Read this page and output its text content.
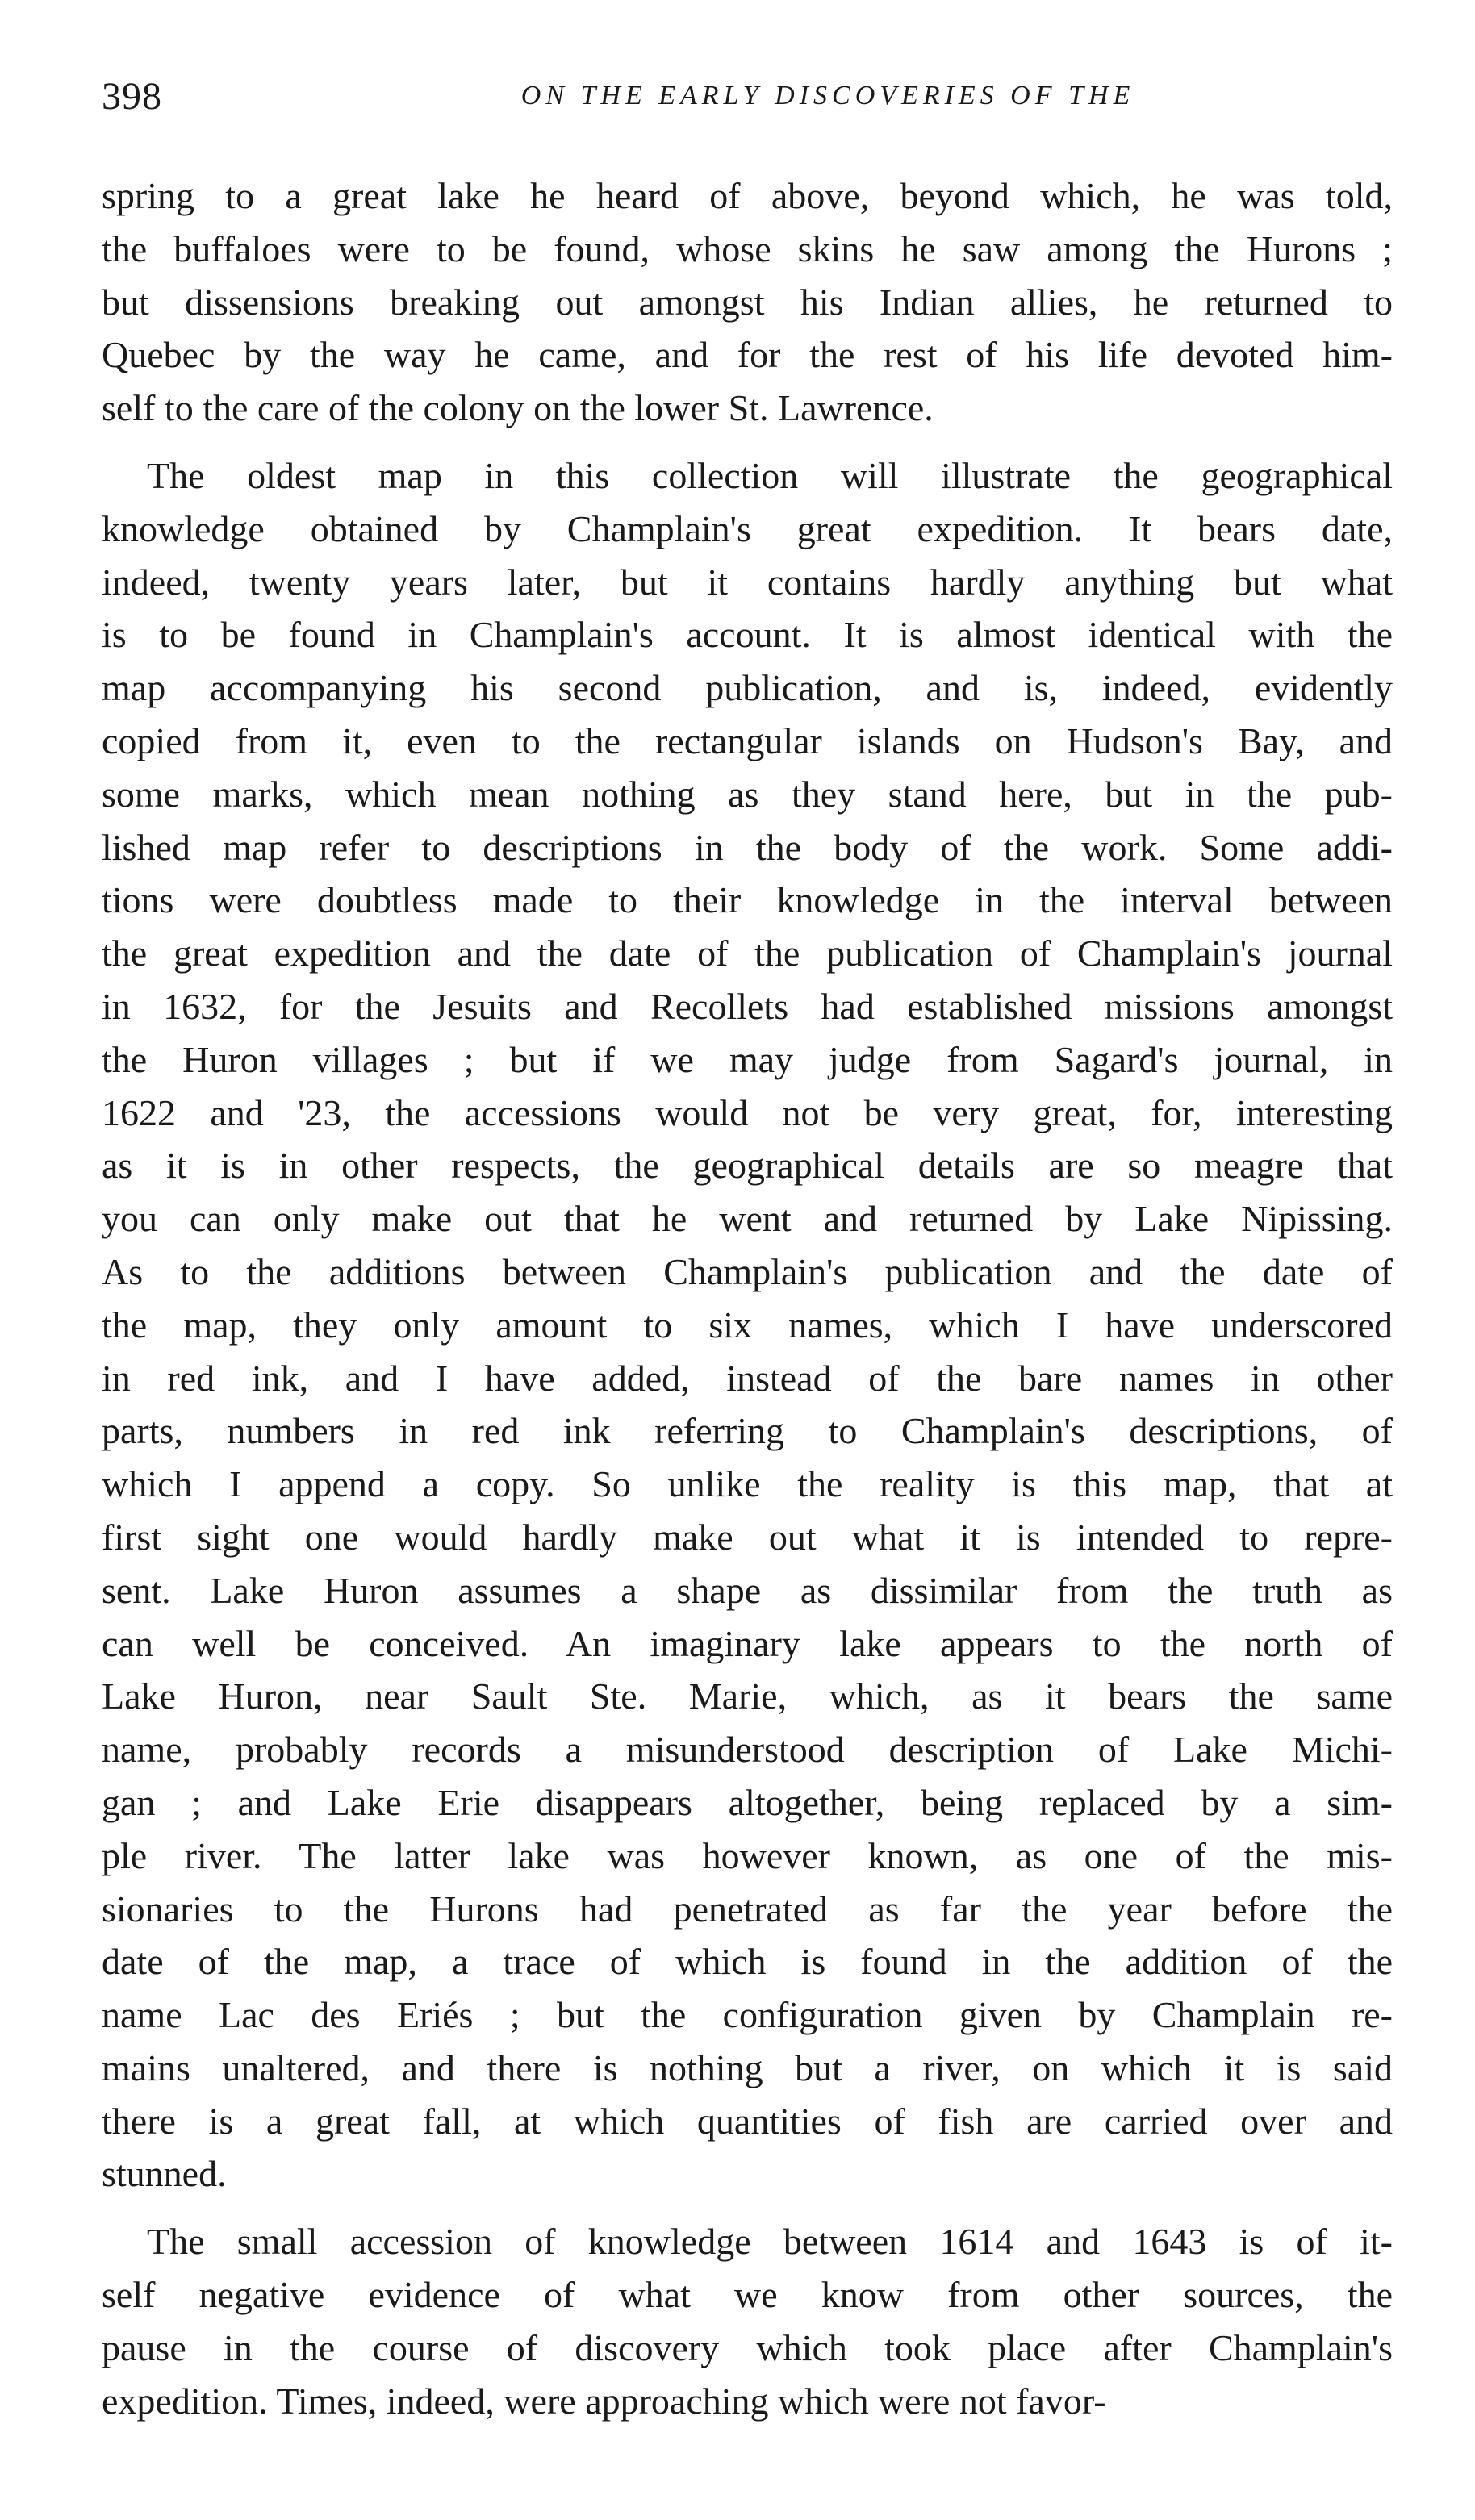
398	ON THE EARLY DISCOVERIES OF THE
spring to a great lake he heard of above, beyond which, he was told,
the buffaloes were to be found, whose skins he saw among the Hurons ;
but dissensions breaking out amongst his Indian allies, he returned to
Quebec by the way he came, and for the rest of his life devoted him-
self to the care of the colony on the lower St. Lawrence.
The oldest map in this collection will illustrate the geographical
knowledge obtained by Champlain's great expedition. It bears date,
indeed, twenty years later, but it contains hardly anything but what
is to be found in Champlain's account. It is almost identical with the
map accompanying his second publication, and is, indeed, evidently
copied from it, even to the rectangular islands on Hudson's Bay, and
some marks, which mean nothing as they stand here, but in the pub-
lished map refer to descriptions in the body of the work. Some addi-
tions were doubtless made to their knowledge in the interval between
the great expedition and the date of the publication of Champlain's journal
in 1632, for the Jesuits and Recollets had established missions amongst
the Huron villages ; but if we may judge from Sagard's journal, in
1622 and '23, the accessions would not be very great, for, interesting
as it is in other respects, the geographical details are so meagre that
you can only make out that he went and returned by Lake Nipissing.
As to the additions between Champlain's publication and the date of
the map, they only amount to six names, which I have underscored
in red ink, and I have added, instead of the bare names in other
parts, numbers in red ink referring to Champlain's descriptions, of
which I append a copy. So unlike the reality is this map, that at
first sight one would hardly make out what it is intended to repre-
sent. Lake Huron assumes a shape as dissimilar from the truth as
can well be conceived. An imaginary lake appears to the north of
Lake Huron, near Sault Ste. Marie, which, as it bears the same
name, probably records a misunderstood description of Lake Michi-
gan ; and Lake Erie disappears altogether, being replaced by a sim-
ple river. The latter lake was however known, as one of the mis-
sionaries to the Hurons had penetrated as far the year before the
date of the map, a trace of which is found in the addition of the
name Lac des Eriés ; but the configuration given by Champlain re-
mains unaltered, and there is nothing but a river, on which it is said
there is a great fall, at which quantities of fish are carried over and
stunned.
The small accession of knowledge between 1614 and 1643 is of it-
self negative evidence of what we know from other sources, the
pause in the course of discovery which took place after Champlain's
expedition. Times, indeed, were approaching which were not favor-
